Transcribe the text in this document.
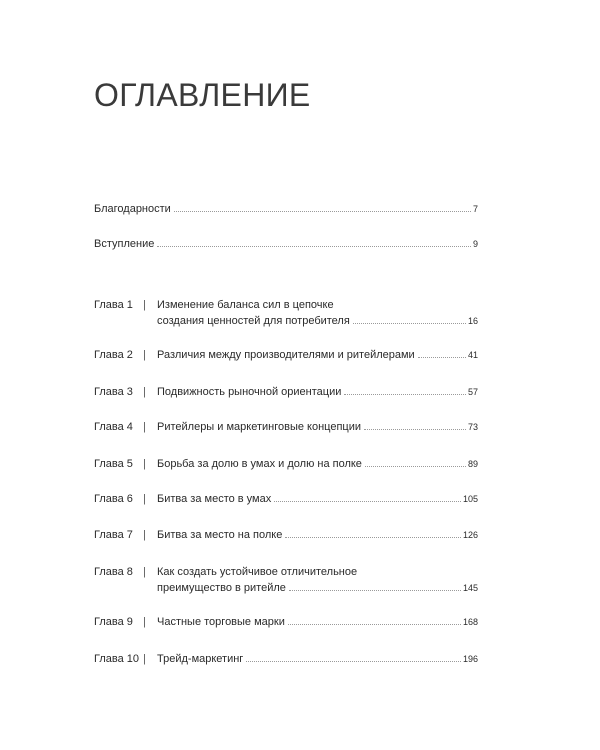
ОГЛАВЛЕНИЕ
Благодарности	7
Вступление	9
Глава 1 | Изменение баланса сил в цепочке
создания ценностей для потребителя	16
Глава 2 | Различия между производителями и ритейлерами	41
Глава 3 | Подвижность рыночной ориентации	57
Глава 4 | Ритейлеры и маркетинговые концепции	73
Глава 5 | Борьба за долю в умах и долю на полке	89
Глава 6 | Битва за место в умах	105
Глава 7 | Битва за место на полке	126
Глава 8 | Как создать устойчивое отличительное
преимущество в ритейле	145
Глава 9 | Частные торговые марки	168
Глава 10 | Трейд-маркетинг	196
